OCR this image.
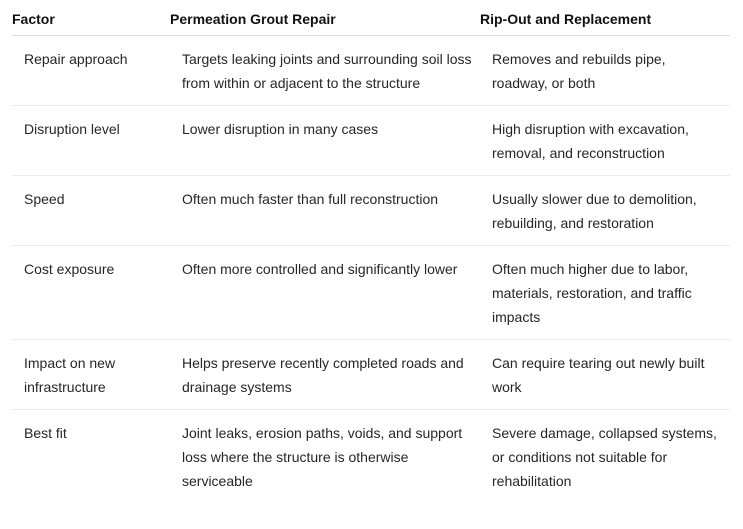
Factor	Permeation Grout Repair	Rip-Out and Replacement
Repair approach	Targets leaking joints and surrounding soil loss from within or adjacent to the structure	Removes and rebuilds pipe, roadway, or both
Disruption level	Lower disruption in many cases	High disruption with excavation, removal, and reconstruction
Speed	Often much faster than full reconstruction	Usually slower due to demolition, rebuilding, and restoration
Cost exposure	Often more controlled and significantly lower	Often much higher due to labor, materials, restoration, and traffic impacts
Impact on new infrastructure	Helps preserve recently completed roads and drainage systems	Can require tearing out newly built work
Best fit	Joint leaks, erosion paths, voids, and support loss where the structure is otherwise serviceable	Severe damage, collapsed systems, or conditions not suitable for rehabilitation
